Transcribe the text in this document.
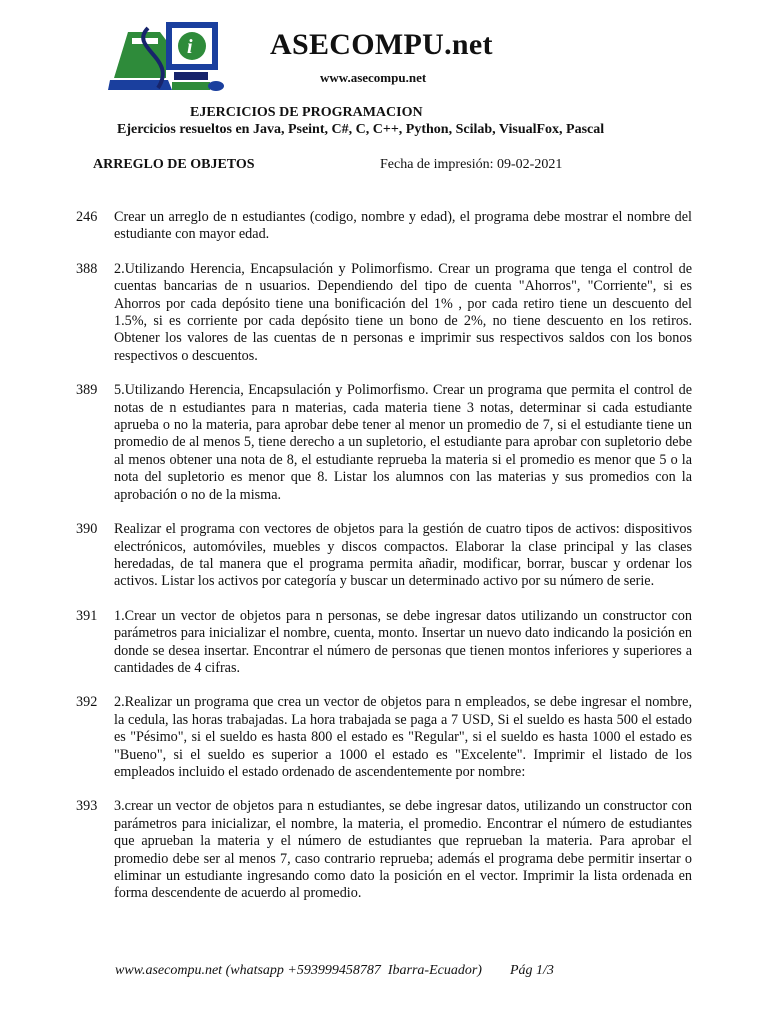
i	ASECOMPU.net
www.asecompu.net
EJERCICIOS DE PROGRAMACION
Ejercicios resueltos en Java, Pseint, C#, C, C++, Python, Scilab, VisualFox, Pascal
ARREGLO DE OBJETOS	Fecha de impresión: 09-02-2021
246	Crear un arreglo de n estudiantes (codigo, nombre y edad), el programa debe mostrar el nombre del estudiante con mayor edad.
388	2.Utilizando Herencia, Encapsulación y Polimorfismo. Crear un programa que tenga el control de cuentas bancarias de n usuarios. Dependiendo del tipo de cuenta "Ahorros", "Corriente", si es Ahorros por cada depósito tiene una bonificación del 1% , por cada retiro tiene un descuento del 1.5%, si es corriente por cada depósito tiene un bono de 2%, no tiene descuento en los retiros. Obtener los valores de las cuentas de n personas e imprimir sus respectivos saldos con los bonos respectivos o descuentos.
389	5.Utilizando Herencia, Encapsulación y Polimorfismo. Crear un programa que permita el control de notas de n estudiantes para n materias, cada materia tiene 3 notas, determinar si cada estudiante aprueba o no la materia, para aprobar debe tener al menor un promedio de 7, si el estudiante tiene un promedio de al menos 5, tiene derecho a un supletorio, el estudiante para aprobar con supletorio debe al menos obtener una nota de 8, el estudiante reprueba la materia si el promedio es menor que 5 o la nota del supletorio es menor que 8. Listar los alumnos con las materias y sus promedios con la aprobación o no de la misma.
390	Realizar el programa con vectores de objetos para la gestión de cuatro tipos de activos: dispositivos electrónicos, automóviles, muebles y discos compactos. Elaborar la clase principal y las clases heredadas, de tal manera que el programa permita añadir, modificar, borrar, buscar y ordenar los activos. Listar los activos por categoría y buscar un determinado activo por su número de serie.
391	1.Crear un vector de objetos para n personas, se debe ingresar datos utilizando un constructor con parámetros para inicializar el nombre, cuenta, monto. Insertar un nuevo dato indicando la posición en donde se desea insertar. Encontrar el número de personas que tienen montos inferiores y superiores a cantidades de 4 cifras.
392	2.Realizar un programa que crea un vector de objetos para n empleados, se debe ingresar el nombre, la cedula, las horas trabajadas. La hora trabajada se paga a 7 USD, Si el sueldo es hasta 500 el estado es "Pésimo", si el sueldo es hasta 800 el estado es "Regular", si el sueldo es hasta 1000 el estado es "Bueno", si el sueldo es superior a 1000 el estado es "Excelente". Imprimir el listado de los empleados incluido el estado ordenado de ascendentemente por nombre:
393	3.crear un vector de objetos para n estudiantes, se debe ingresar datos, utilizando un constructor con parámetros para inicializar, el nombre, la materia, el promedio. Encontrar el número de estudiantes que aprueban la materia y el número de estudiantes que reprueban la materia. Para aprobar el promedio debe ser al menos 7, caso contrario reprueba; además el programa debe permitir insertar o eliminar un estudiante ingresando como dato la posición en el vector. Imprimir la lista ordenada en forma descendente de acuerdo al promedio.
www.asecompu.net (whatsapp +593999458787  Ibarra-Ecuador)        Pág 1/3
